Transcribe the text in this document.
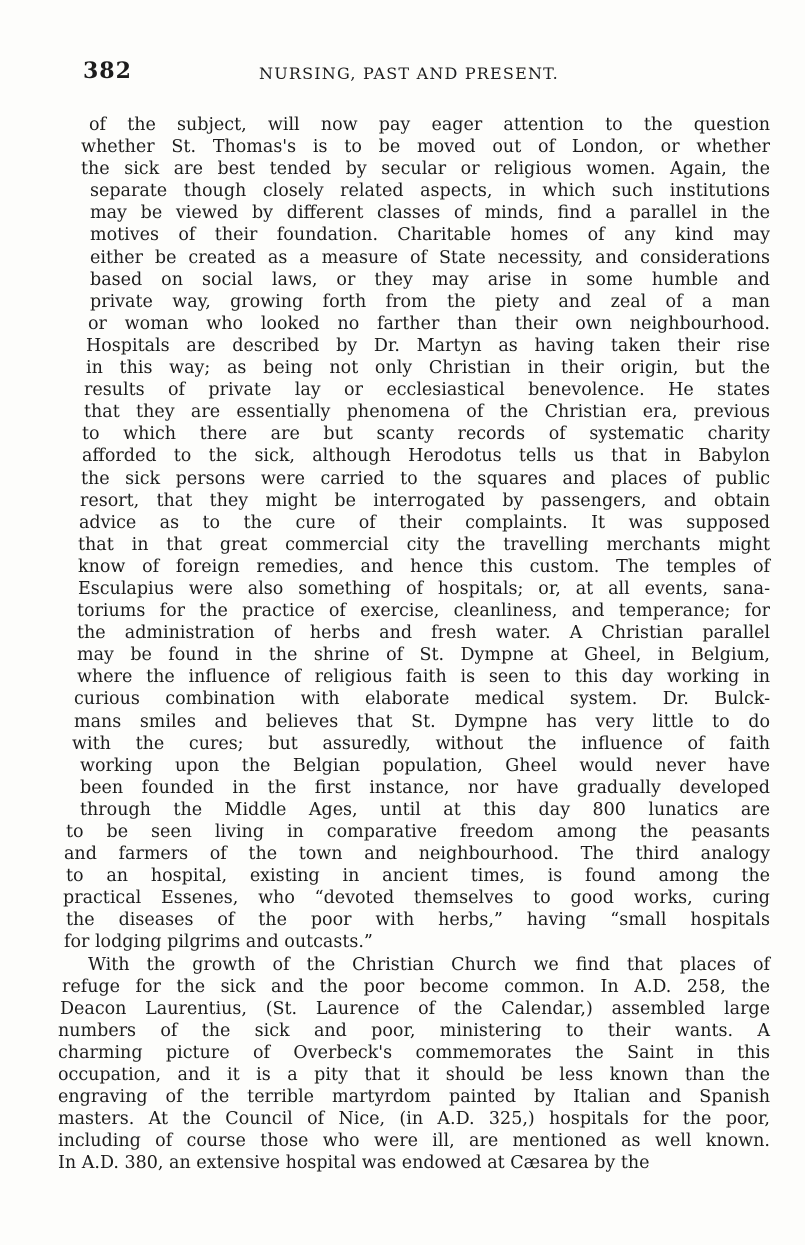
382	NURSING, PAST AND PRESENT.
of the subject, will now pay eager attention to the question
whether St. Thomas's is to be moved out of London, or whether
the sick are best tended by secular or religious women. Again, the
separate though closely related aspects, in which such institutions
may be viewed by different classes of minds, find a parallel in the
motives of their foundation. Charitable homes of any kind may
either be created as a measure of State necessity, and considerations
based on social laws, or they may arise in some humble and
private way, growing forth from the piety and zeal of a man
or woman who looked no farther than their own neighbourhood.
Hospitals are described by Dr. Martyn as having taken their rise
in this way; as being not only Christian in their origin, but the
results of private lay or ecclesiastical benevolence. He states
that they are essentially phenomena of the Christian era, previous
to which there are but scanty records of systematic charity
afforded to the sick, although Herodotus tells us that in Babylon
the sick persons were carried to the squares and places of public
resort, that they might be interrogated by passengers, and obtain
advice as to the cure of their complaints. It was supposed
that in that great commercial city the travelling merchants might
know of foreign remedies, and hence this custom. The temples of
Esculapius were also something of hospitals; or, at all events, sana-
toriums for the practice of exercise, cleanliness, and temperance; for
the administration of herbs and fresh water. A Christian parallel
may be found in the shrine of St. Dympne at Gheel, in Belgium,
where the influence of religious faith is seen to this day working in
curious combination with elaborate medical system. Dr. Bulck-
mans smiles and believes that St. Dympne has very little to do
with the cures; but assuredly, without the influence of faith
working upon the Belgian population, Gheel would never have
been founded in the first instance, nor have gradually developed
through the Middle Ages, until at this day 800 lunatics are
to be seen living in comparative freedom among the peasants
and farmers of the town and neighbourhood. The third analogy
to an hospital, existing in ancient times, is found among the
practical Essenes, who “devoted themselves to good works, curing
the diseases of the poor with herbs,” having “small hospitals
for lodging pilgrims and outcasts.”
With the growth of the Christian Church we find that places of
refuge for the sick and the poor become common. In A.D. 258, the
Deacon Laurentius, (St. Laurence of the Calendar,) assembled large
numbers of the sick and poor, ministering to their wants. A
charming picture of Overbeck's commemorates the Saint in this
occupation, and it is a pity that it should be less known than the
engraving of the terrible martyrdom painted by Italian and Spanish
masters. At the Council of Nice, (in A.D. 325,) hospitals for the poor,
including of course those who were ill, are mentioned as well known.
In A.D. 380, an extensive hospital was endowed at Cæsarea by the
